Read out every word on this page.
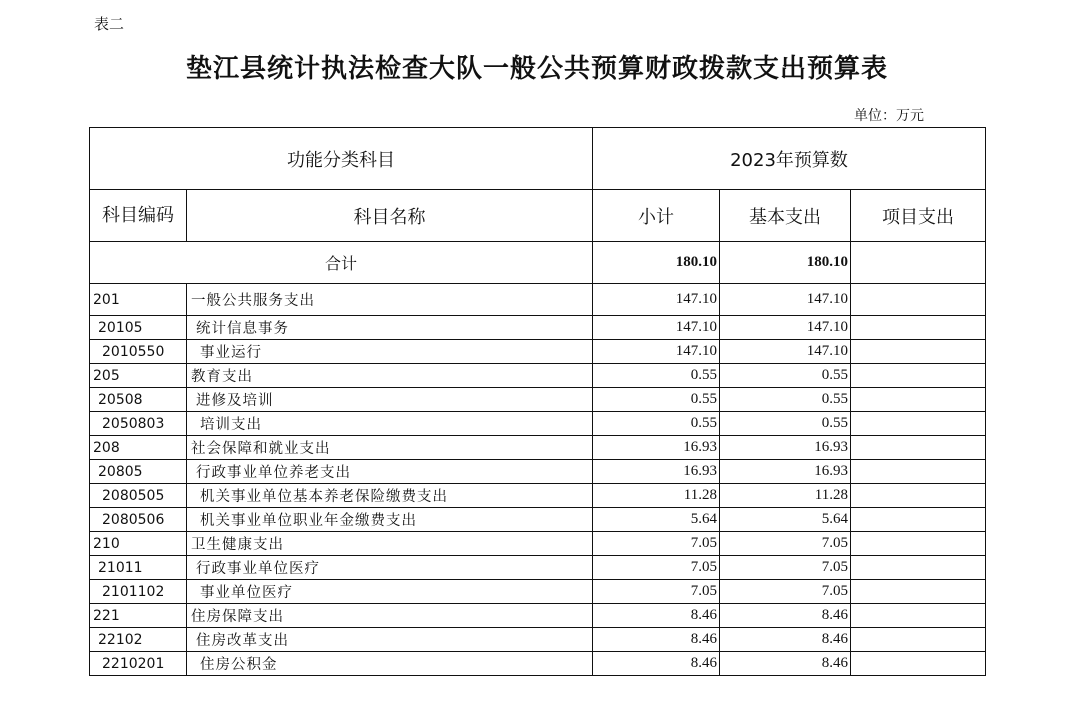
表二
垫江县统计执法检查大队一般公共预算财政拨款支出预算表
单位：万元
功能分类科目		2023年预算数		
科目编码	科目名称	小计	基本支出	项目支出
合计		180.10	180.10	
201	一般公共服务支出	147.10	147.10	
20105	统计信息事务	147.10	147.10	
2010550	事业运行	147.10	147.10	
205	教育支出	0.55	0.55	
20508	进修及培训	0.55	0.55	
2050803	培训支出	0.55	0.55	
208	社会保障和就业支出	16.93	16.93	
20805	行政事业单位养老支出	16.93	16.93	
2080505	机关事业单位基本养老保险缴费支出	11.28	11.28	
2080506	机关事业单位职业年金缴费支出	5.64	5.64	
210	卫生健康支出	7.05	7.05	
21011	行政事业单位医疗	7.05	7.05	
2101102	事业单位医疗	7.05	7.05	
221	住房保障支出	8.46	8.46	
22102	住房改革支出	8.46	8.46	
2210201	住房公积金	8.46	8.46	
